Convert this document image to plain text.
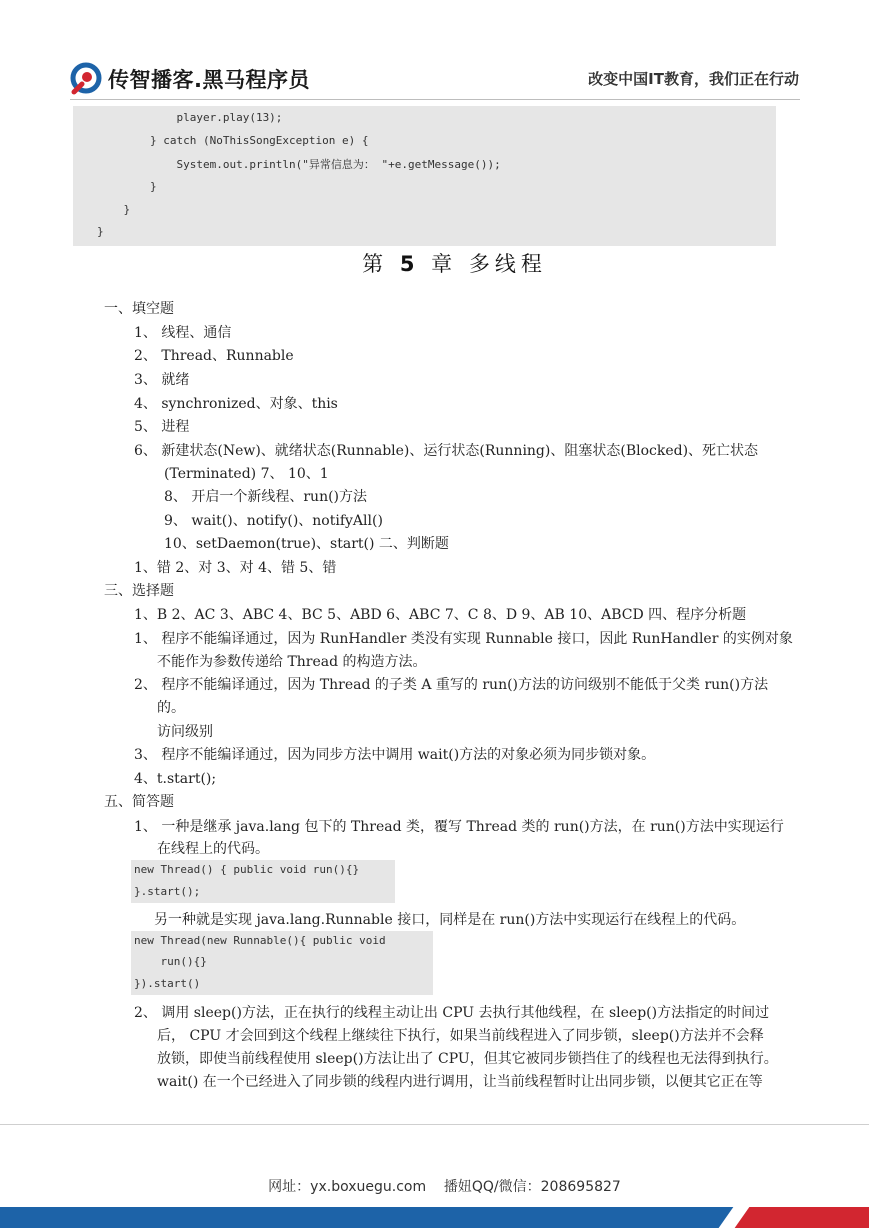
传智播客.黑马程序员	改变中国IT教育，我们正在行动
player.play(13);
} catch (NoThisSongException e) {
System.out.println("异常信息为： "+e.getMessage());
}
}
}
第 5 章 多线程
一、填空题
1、 线程、通信
2、 Thread、Runnable
3、 就绪
4、 synchronized、对象、this
5、 进程
6、 新建状态(New)、就绪状态(Runnable)、运行状态(Running)、阻塞状态(Blocked)、死亡状态
(Terminated) 7、 10、1
8、 开启一个新线程、run()方法
9、 wait()、notify()、notifyAll()
10、setDaemon(true)、start() 二、判断题
1、错 2、对 3、对 4、错 5、错
三、选择题
1、B 2、AC 3、ABC 4、BC 5、ABD 6、ABC 7、C 8、D 9、AB 10、ABCD 四、程序分析题
1、 程序不能编译通过，因为 RunHandler 类没有实现 Runnable 接口，因此 RunHandler 的实例对象
不能作为参数传递给 Thread 的构造方法。
2、 程序不能编译通过，因为 Thread 的子类 A 重写的 run()方法的访问级别不能低于父类 run()方法
的。
访问级别
3、 程序不能编译通过，因为同步方法中调用 wait()方法的对象必须为同步锁对象。
4、t.start();
五、简答题
1、 一种是继承 java.lang 包下的 Thread 类，覆写 Thread 类的 run()方法，在 run()方法中实现运行
在线程上的代码。
new Thread() { public void run(){}
}.start();
另一种就是实现 java.lang.Runnable 接口，同样是在 run()方法中实现运行在线程上的代码。
new Thread(new Runnable(){ public void
run(){}
}).start()
2、 调用 sleep()方法，正在执行的线程主动让出 CPU 去执行其他线程，在 sleep()方法指定的时间过
后， CPU 才会回到这个线程上继续往下执行，如果当前线程进入了同步锁，sleep()方法并不会释
放锁，即使当前线程使用 sleep()方法让出了 CPU，但其它被同步锁挡住了的线程也无法得到执行。
wait() 在一个已经进入了同步锁的线程内进行调用，让当前线程暂时让出同步锁，以便其它正在等
网址：yx.boxuegu.com    播妞QQ/微信：208695827
